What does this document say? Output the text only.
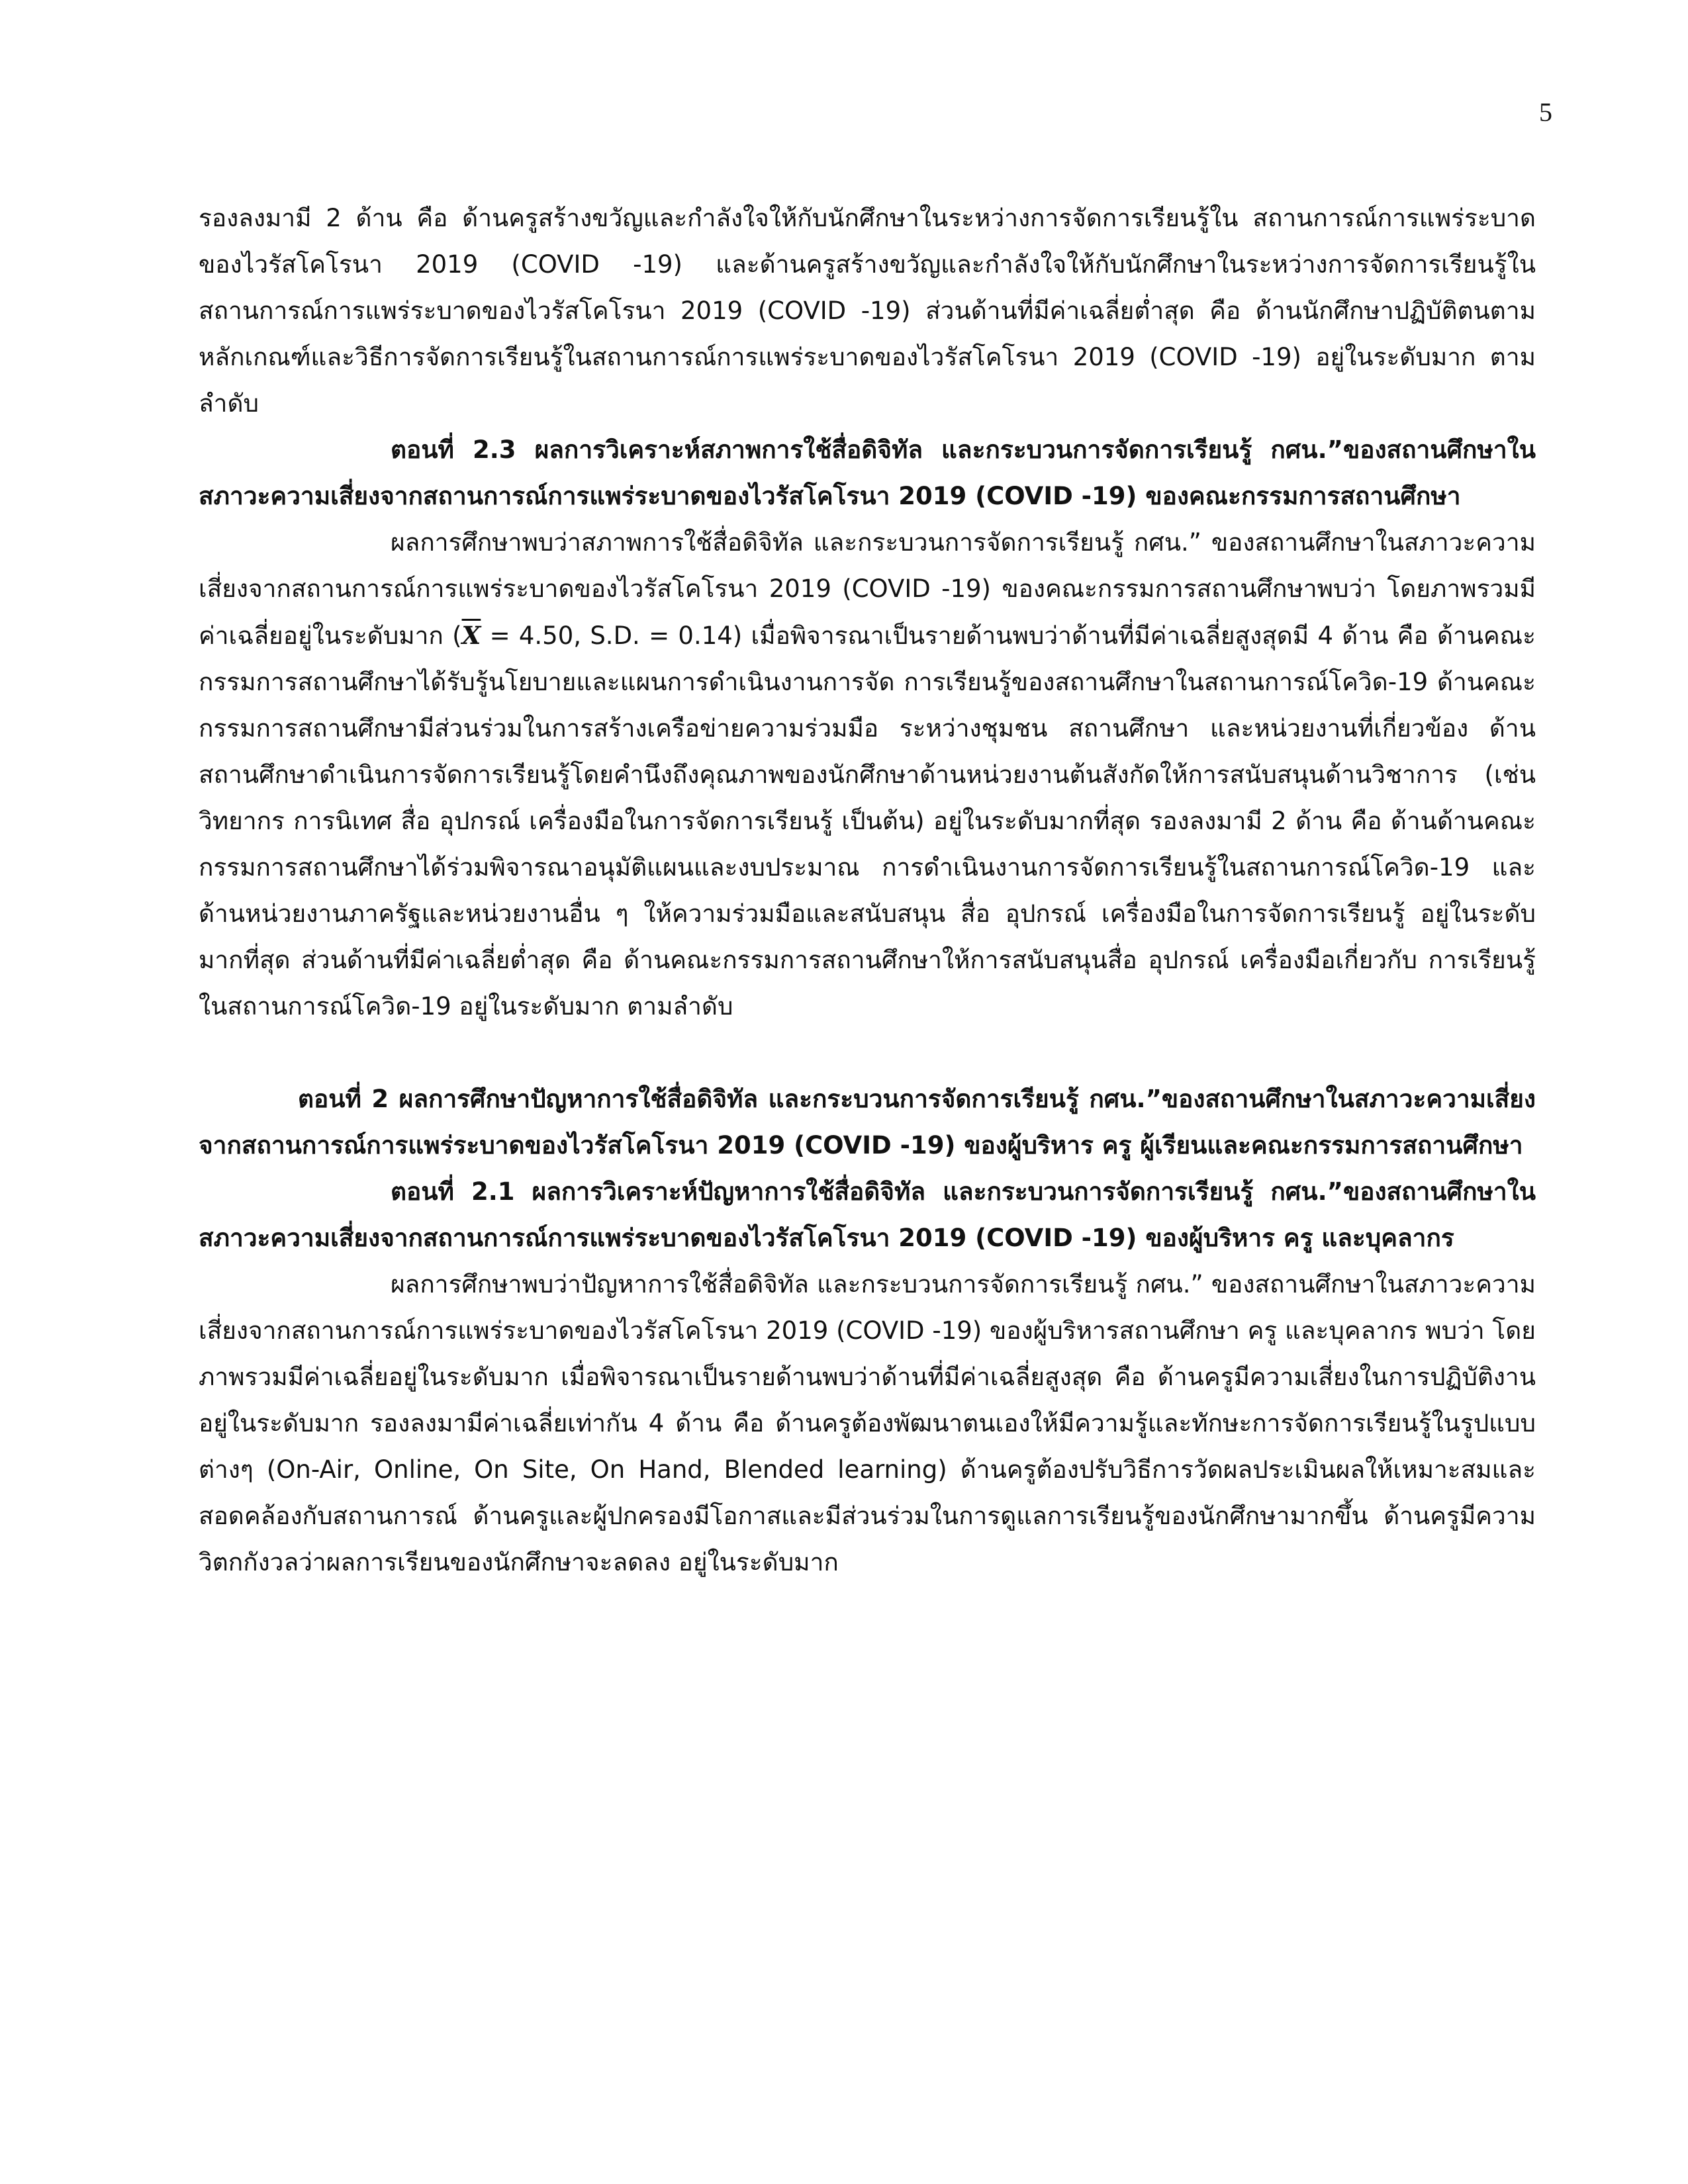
5

รองลงมามี 2 ด้าน คือ ด้านครูสร้างขวัญและกำลังใจให้กับนักศึกษาในระหว่างการจัดการเรียนรู้ใน สถานการณ์การแพร่ระบาดของไวรัสโคโรนา 2019 (COVID -19) และด้านครูสร้างขวัญและกำลังใจให้กับนักศึกษาในระหว่างการจัดการเรียนรู้ใน สถานการณ์การแพร่ระบาดของไวรัสโคโรนา 2019 (COVID -19) ส่วนด้านที่มีค่าเฉลี่ยต่ำสุด คือ ด้านนักศึกษาปฏิบัติตนตามหลักเกณฑ์และวิธีการจัดการเรียนรู้ในสถานการณ์การแพร่ระบาดของไวรัสโคโรนา 2019 (COVID -19) อยู่ในระดับมาก ตามลำดับ

ตอนที่ 2.3 ผลการวิเคราะห์สภาพการใช้สื่อดิจิทัล และกระบวนการจัดการเรียนรู้ กศน.”ของสถานศึกษาในสภาวะความเสี่ยงจากสถานการณ์การแพร่ระบาดของไวรัสโคโรนา 2019 (COVID -19) ของคณะกรรมการสถานศึกษา

ผลการศึกษาพบว่าสภาพการใช้สื่อดิจิทัล และกระบวนการจัดการเรียนรู้ กศน.” ของสถานศึกษาในสภาวะความเสี่ยงจากสถานการณ์การแพร่ระบาดของไวรัสโคโรนา 2019 (COVID -19) ของคณะกรรมการสถานศึกษาพบว่า โดยภาพรวมมีค่าเฉลี่ยอยู่ในระดับมาก ($\overline{X} = 4.50$, S.D. = 0.14) เมื่อพิจารณาเป็นรายด้านพบว่าด้านที่มีค่าเฉลี่ยสูงสุดมี 4 ด้าน คือ ด้านคณะกรรมการสถานศึกษาได้รับรู้นโยบายและแผนการดำเนินงานการจัด การเรียนรู้ของสถานศึกษาในสถานการณ์โควิด-19 ด้านคณะกรรมการสถานศึกษามีส่วนร่วมในการสร้างเครือข่ายความร่วมมือ ระหว่างชุมชน สถานศึกษา และหน่วยงานที่เกี่ยวข้อง ด้านสถานศึกษาดำเนินการจัดการเรียนรู้โดยคำนึงถึงคุณภาพของนักศึกษาด้านหน่วยงานต้นสังกัดให้การสนับสนุนด้านวิชาการ (เช่น วิทยากร การนิเทศ สื่อ อุปกรณ์ เครื่องมือในการจัดการเรียนรู้ เป็นต้น) อยู่ในระดับมากที่สุด รองลงมามี 2 ด้าน คือ ด้านด้านคณะกรรมการสถานศึกษาได้ร่วมพิจารณาอนุมัติแผนและงบประมาณ การดำเนินงานการจัดการเรียนรู้ในสถานการณ์โควิด-19 และด้านหน่วยงานภาครัฐและหน่วยงานอื่น ๆ ให้ความร่วมมือและสนับสนุน สื่อ อุปกรณ์ เครื่องมือในการจัดการเรียนรู้ อยู่ในระดับมากที่สุด ส่วนด้านที่มีค่าเฉลี่ยต่ำสุด คือ ด้านคณะกรรมการสถานศึกษาให้การสนับสนุนสื่อ อุปกรณ์ เครื่องมือเกี่ยวกับ การเรียนรู้ในสถานการณ์โควิด-19 อยู่ในระดับมาก ตามลำดับ

ตอนที่ 2 ผลการศึกษาปัญหาการใช้สื่อดิจิทัล และกระบวนการจัดการเรียนรู้ กศน.”ของสถานศึกษาในสภาวะความเสี่ยงจากสถานการณ์การแพร่ระบาดของไวรัสโคโรนา 2019 (COVID -19) ของผู้บริหาร ครู ผู้เรียนและคณะกรรมการสถานศึกษา

ตอนที่ 2.1 ผลการวิเคราะห์ปัญหาการใช้สื่อดิจิทัล และกระบวนการจัดการเรียนรู้ กศน.”ของสถานศึกษาในสภาวะความเสี่ยงจากสถานการณ์การแพร่ระบาดของไวรัสโคโรนา 2019 (COVID -19) ของผู้บริหาร ครู และบุคลากร

ผลการศึกษาพบว่าปัญหาการใช้สื่อดิจิทัล และกระบวนการจัดการเรียนรู้ กศน.” ของสถานศึกษาในสภาวะความเสี่ยงจากสถานการณ์การแพร่ระบาดของไวรัสโคโรนา 2019 (COVID -19) ของผู้บริหารสถานศึกษา ครู และบุคลากร พบว่า โดยภาพรวมมีค่าเฉลี่ยอยู่ในระดับมาก เมื่อพิจารณาเป็นรายด้านพบว่าด้านที่มีค่าเฉลี่ยสูงสุด คือ ด้านครูมีความเสี่ยงในการปฏิบัติงาน อยู่ในระดับมาก รองลงมามีค่าเฉลี่ยเท่ากัน 4 ด้าน คือ ด้านครูต้องพัฒนาตนเองให้มีความรู้และทักษะการจัดการเรียนรู้ในรูปแบบต่างๆ (On-Air, Online, On Site, On Hand, Blended learning) ด้านครูต้องปรับวิธีการวัดผลประเมินผลให้เหมาะสมและสอดคล้องกับสถานการณ์ ด้านครูและผู้ปกครองมีโอกาสและมีส่วนร่วมในการดูแลการเรียนรู้ของนักศึกษามากขึ้น ด้านครูมีความวิตกกังวลว่าผลการเรียนของนักศึกษาจะลดลง อยู่ในระดับมาก
